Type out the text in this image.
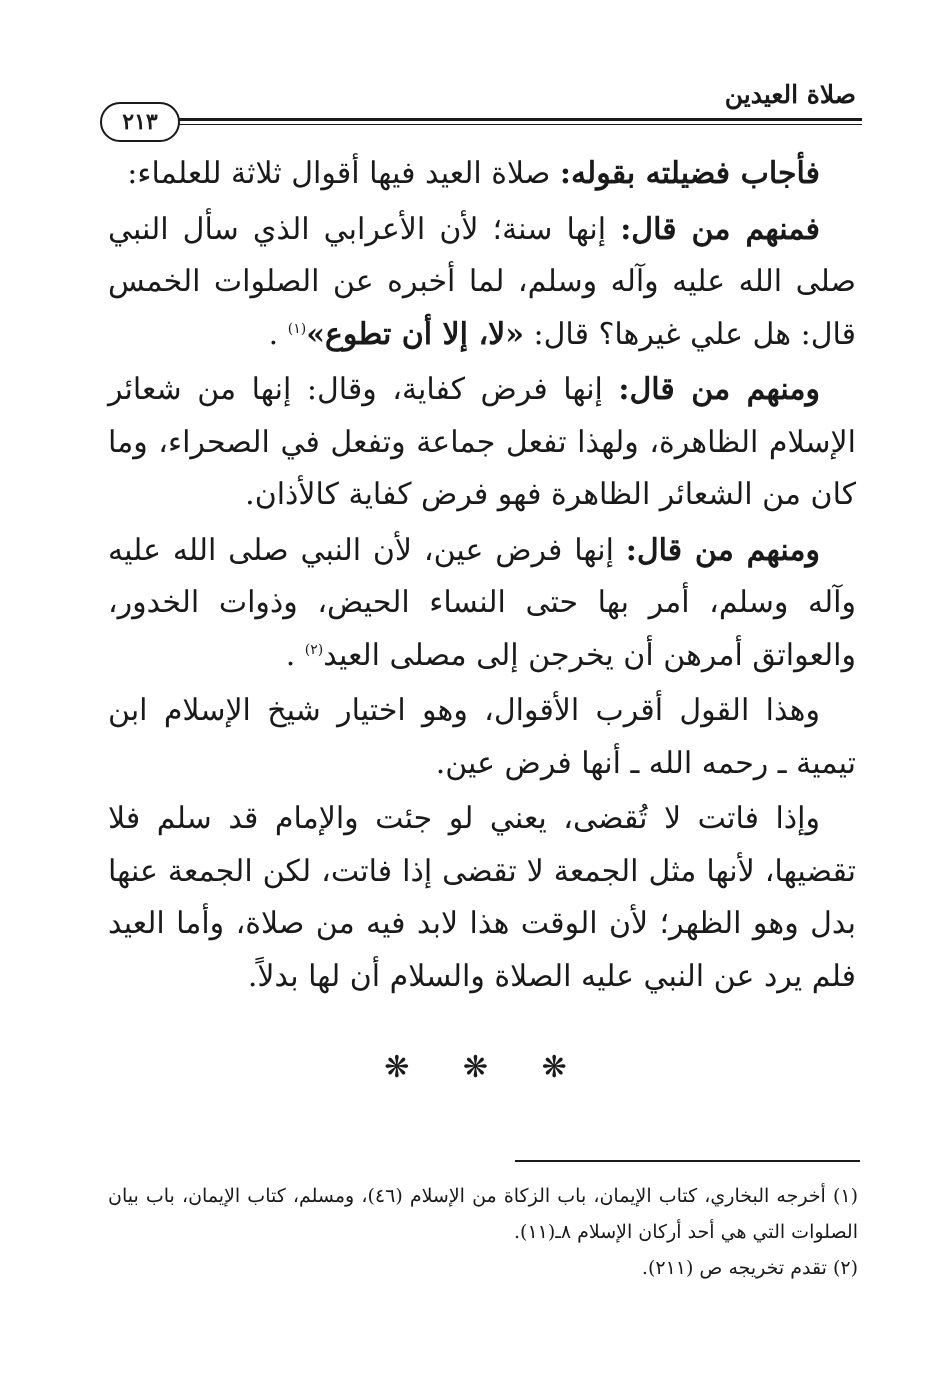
صلاة العيدين
٢١٣

فأجاب فضيلته بقوله: صلاة العيد فيها أقوال ثلاثة للعلماء:

فمنهم من قال: إنها سنة؛ لأن الأعرابي الذي سأل النبي صلى الله عليه وآله وسلم، لما أخبره عن الصلوات الخمس قال: هل علي غيرها؟ قال: «لا، إلا أن تطوع»$^{(١)}$ .

ومنهم من قال: إنها فرض كفاية، وقال: إنها من شعائر الإسلام الظاهرة، ولهذا تفعل جماعة وتفعل في الصحراء، وما كان من الشعائر الظاهرة فهو فرض كفاية كالأذان.

ومنهم من قال: إنها فرض عين، لأن النبي صلى الله عليه وآله وسلم، أمر بها حتى النساء الحيض، وذوات الخدور، والعواتق أمرهن أن يخرجن إلى مصلى العيد$^{(٢)}$ .

وهذا القول أقرب الأقوال، وهو اختيار شيخ الإسلام ابن تيمية ـ رحمه الله ـ أنها فرض عين.

وإذا فاتت لا تُقضى، يعني لو جئت والإمام قد سلم فلا تقضيها، لأنها مثل الجمعة لا تقضى إذا فاتت، لكن الجمعة عنها بدل وهو الظهر؛ لأن الوقت هذا لابد فيه من صلاة، وأما العيد فلم يرد عن النبي عليه الصلاة والسلام أن لها بدلاً.

❋ ❋ ❋

(١) أخرجه البخاري، كتاب الإيمان، باب الزكاة من الإسلام (٤٦)، ومسلم، كتاب الإيمان، باب بيان الصلوات التي هي أحد أركان الإسلام ٨ـ(١١).

(٢) تقدم تخريجه ص (٢١١).
